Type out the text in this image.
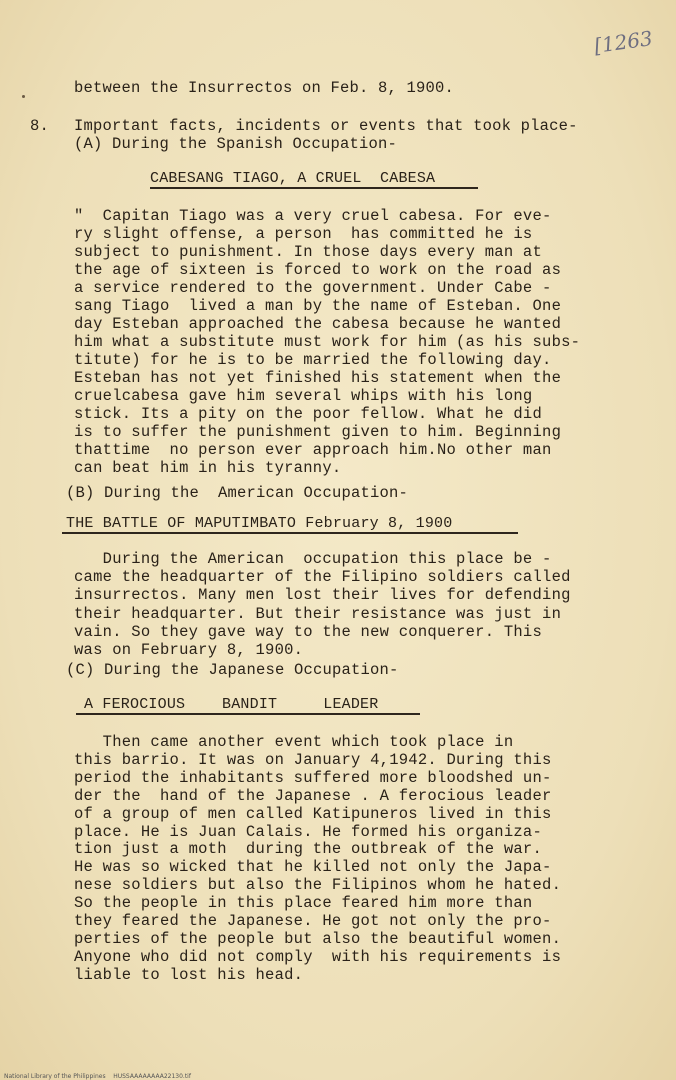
[1263
between the Insurrectos on Feb. 8, 1900.
8. Important facts, incidents or events that took place-
(A) During the Spanish Occupation-
CABESANG TIAGO, A CRUEL  CABESA
"  Capitan Tiago was a very cruel cabesa. For eve-
ry slight offense, a person  has committed he is
subject to punishment. In those days every man at
the age of sixteen is forced to work on the road as
a service rendered to the government. Under Cabe -
sang Tiago  lived a man by the name of Esteban. One
day Esteban approached the cabesa because he wanted
him what a substitute must work for him (as his subs-
titute) for he is to be married the following day.
Esteban has not yet finished his statement when the
cruelcabesa gave him several whips with his long
stick. Its a pity on the poor fellow. What he did
is to suffer the punishment given to him. Beginning
thattime  no person ever approach him.No other man
can beat him in his tyranny.
(B) During the  American Occupation-
THE BATTLE OF MAPUTIMBATO February 8, 1900
During the American  occupation this place be -
came the headquarter of the Filipino soldiers called
insurrectos. Many men lost their lives for defending
their headquarter. But their resistance was just in
vain. So they gave way to the new conquerer. This
was on February 8, 1900.
(C) During the Japanese Occupation-
A FEROCIOUS    BANDIT     LEADER
Then came another event which took place in
this barrio. It was on January 4,1942. During this
period the inhabitants suffered more bloodshed un-
der the  hand of the Japanese . A ferocious leader
of a group of men called Katipuneros lived in this
place. He is Juan Calais. He formed his organiza-
tion just a moth  during the outbreak of the war.
He was so wicked that he killed not only the Japa-
nese soldiers but also the Filipinos whom he hated.
So the people in this place feared him more than
they feared the Japanese. He got not only the pro-
perties of the people but also the beautiful women.
Anyone who did not comply  with his requirements is
liable to lost his head.
National Library of the Philippines    HUSSAAAAAAAA22130.tif
